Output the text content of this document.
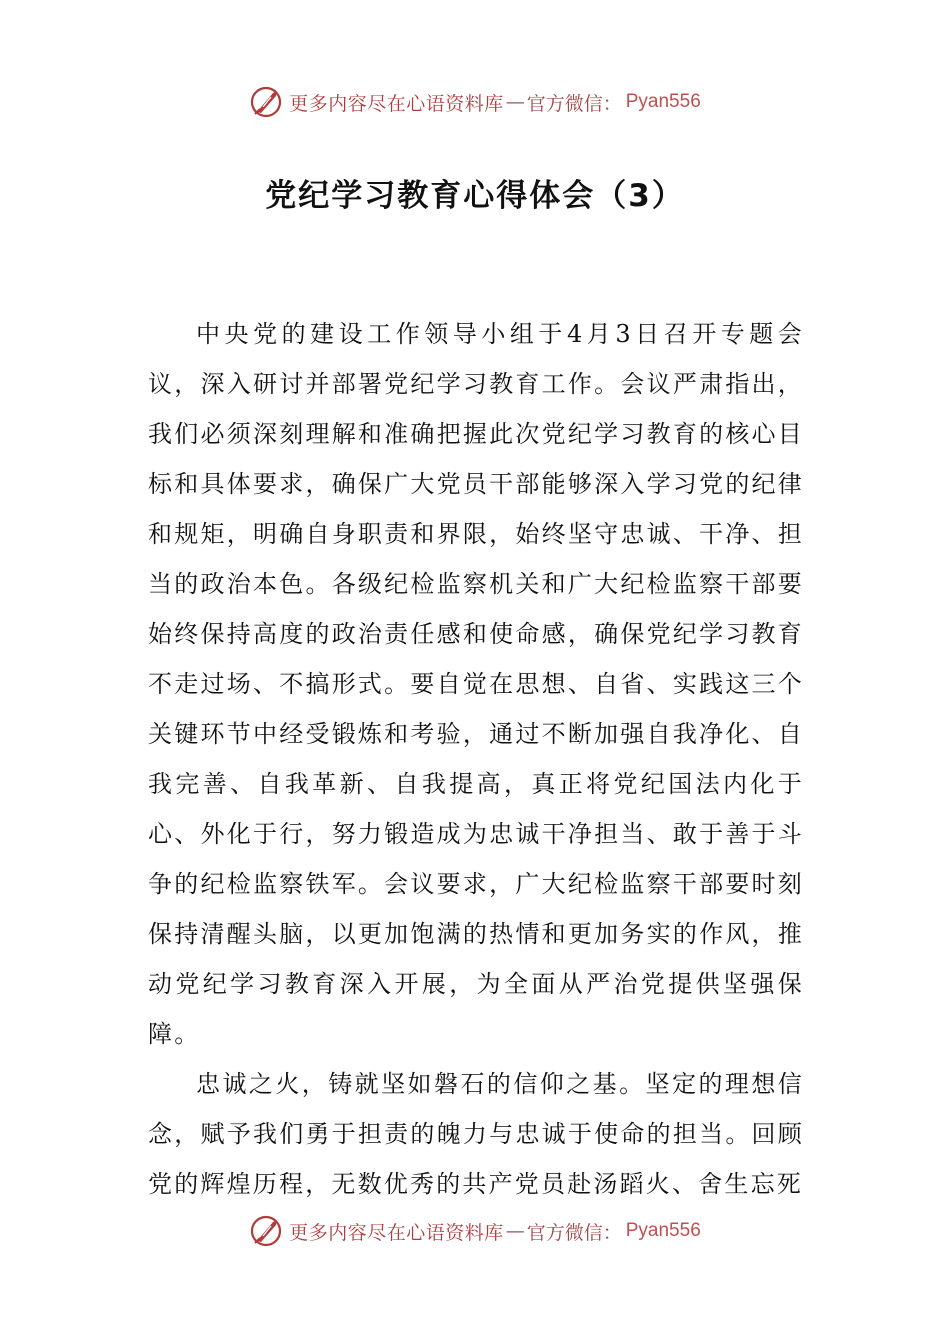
更多内容尽在心语资料库 — 官方微信： Pyan556
党纪学习教育心得体会（3）

中央党的建设工作领导小组于4月3日召开专题会议，深入研讨并部署党纪学习教育工作。会议严肃指出，我们必须深刻理解和准确把握此次党纪学习教育的核心目标和具体要求，确保广大党员干部能够深入学习党的纪律和规矩，明确自身职责和界限，始终坚守忠诚、干净、担当的政治本色。各级纪检监察机关和广大纪检监察干部要始终保持高度的政治责任感和使命感，确保党纪学习教育不走过场、不搞形式。要自觉在思想、自省、实践这三个关键环节中经受锻炼和考验，通过不断加强自我净化、自我完善、自我革新、自我提高，真正将党纪国法内化于心、外化于行，努力锻造成为忠诚干净担当、敢于善于斗争的纪检监察铁军。会议要求，广大纪检监察干部要时刻保持清醒头脑，以更加饱满的热情和更加务实的作风，推动党纪学习教育深入开展，为全面从严治党提供坚强保障。

忠诚之火，铸就坚如磐石的信仰之基。坚定的理想信念，赋予我们勇于担责的魄力与忠诚于使命的担当。回顾党的辉煌历程，无数优秀的共产党员赴汤蹈火、舍生忘死

更多内容尽在心语资料库 — 官方微信： Pyan556
